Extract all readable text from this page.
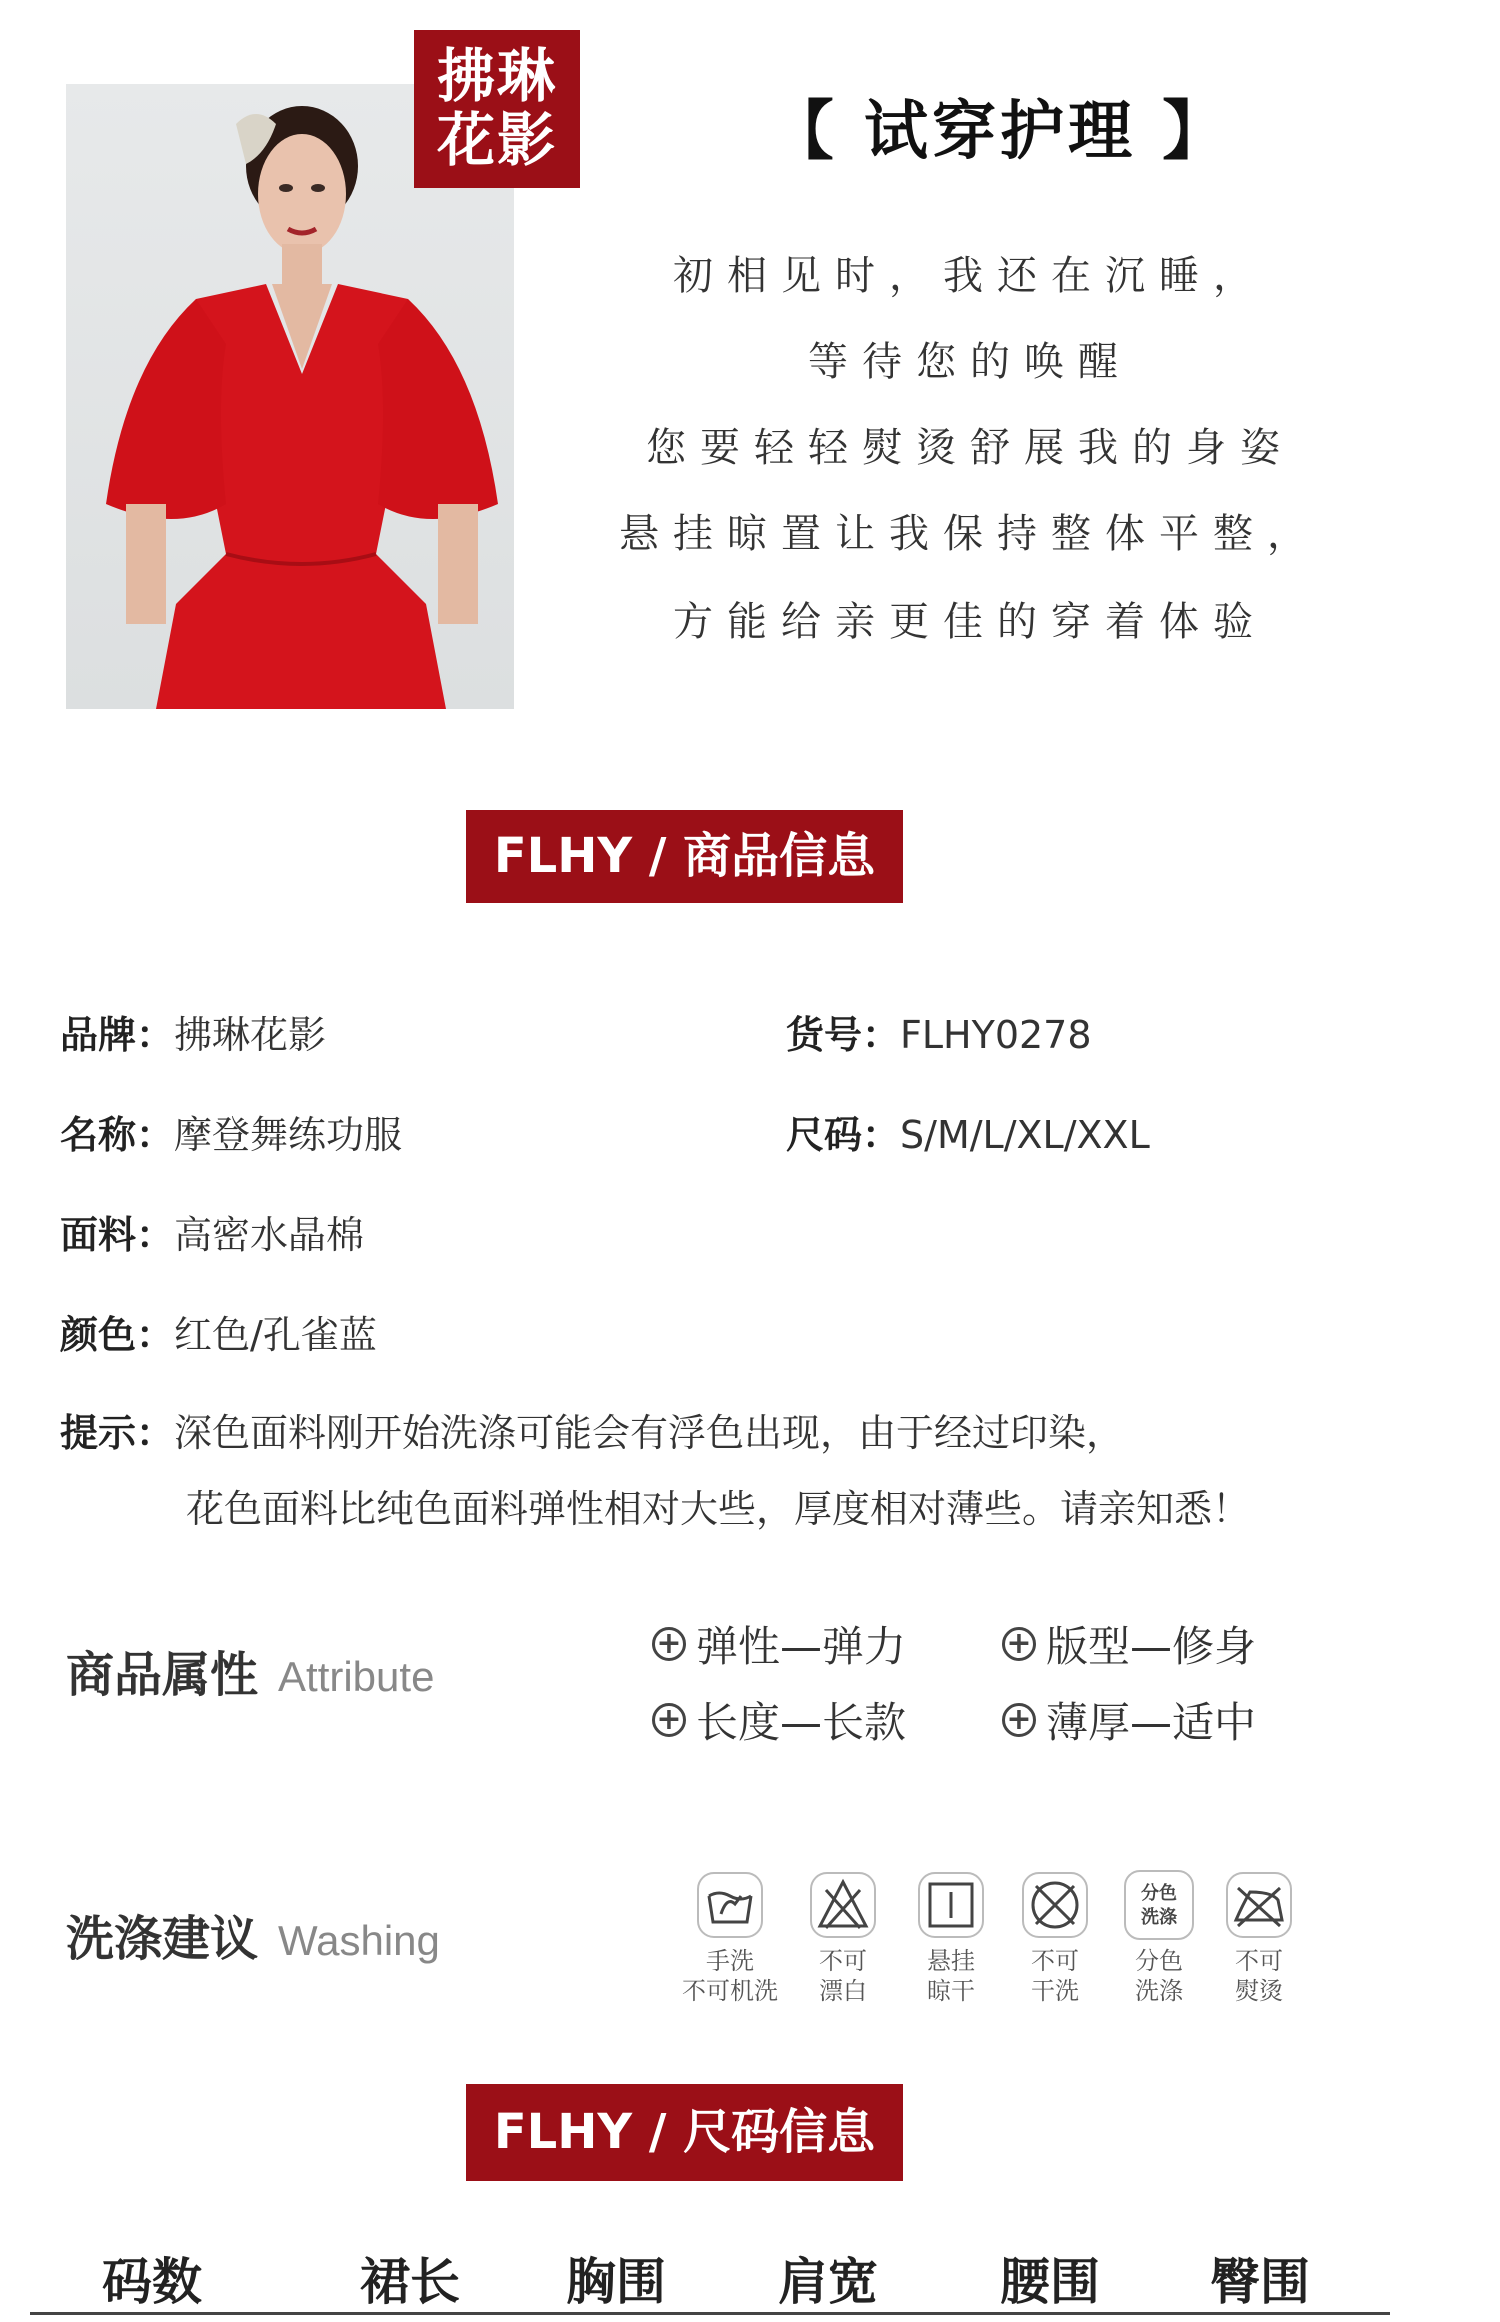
拂琳花影	【 试穿护理 】
初相见时，我还在沉睡，
等待您的唤醒
您要轻轻熨烫舒展我的身姿
悬挂晾置让我保持整体平整，
方能给亲更佳的穿着体验
FLHY / 商品信息
品牌：拂琳花影	货号：FLHY0278
名称：摩登舞练功服	尺码：S/M/L/XL/XXL
面料：高密水晶棉
颜色：红色/孔雀蓝
提示：深色面料刚开始洗涤可能会有浮色出现，由于经过印染，
花色面料比纯色面料弹性相对大些，厚度相对薄些。请亲知悉！
商品属性 Attribute
+ 弹性—弹力	+ 版型—修身
+ 长度—长款	+ 薄厚—适中
洗涤建议 Washing	手洗
不可机洗
不可
漂白
悬挂
晾干
不可
干洗
分色
洗涤
分色
洗涤
不可
熨烫
FLHY / 尺码信息
码数	裙长 胸围 肩宽 腰围 臀围
